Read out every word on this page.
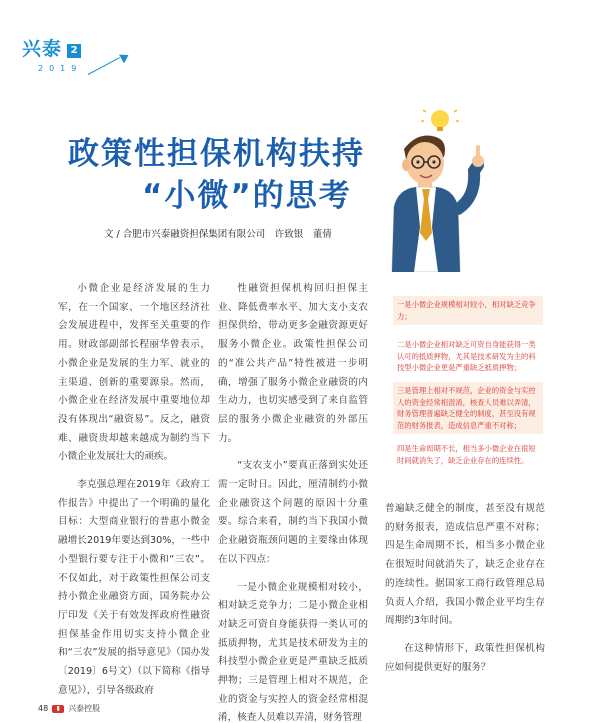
兴泰 2
2019
政策性担保机构扶持
“小微”的思考
文 / 合肥市兴泰融资担保集团有限公司　许致银　董倩

小微企业是经济发展的生力军，在一个国家、一个地区经济社会发展进程中，发挥至关重要的作用。财政部副部长程丽华曾表示，小微企业是发展的生力军、就业的主渠道、创新的重要源泉。然而，小微企业在经济发展中重要地位却没有体现出“融资易”。反之，融资难、融资贵却越来越成为制约当下小微企业发展壮大的顽疾。

李克强总理在2019年《政府工作报告》中提出了一个明确的量化目标：大型商业银行的普惠小微金融增长2019年要达到30%，一些中小型银行要专注于小微和“三农”。不仅如此，对于政策性担保公司支持小微企业融资方面，国务院办公厅印发《关于有效发挥政府性融资担保基金作用切实支持小微企业和“三农”发展的指导意见》（国办发〔2019〕6号文）（以下简称《指导意见》），引导各级政府

性融资担保机构回归担保主业、降低费率水平、加大支小支农担保供给，带动更多金融资源更好服务小微企业。政策性担保公司的“准公共产品”特性被进一步明确，增强了服务小微企业融资的内生动力，也切实感受到了来自监管层的服务小微企业融资的外部压力。

“支农支小”要真正落到实处还需一定时日。因此，厘清制约小微企业融资这个问题的原因十分重要。综合来看，制约当下我国小微企业融资瓶颈问题的主要缘由体现在以下四点：

一是小微企业规模相对较小，相对缺乏竞争力；二是小微企业相对缺乏可资自身能获得一类认可的抵质押物，尤其是技术研发为主的科技型小微企业更是严重缺乏抵质押物；三是管理上相对不规范，企业的资金与实控人的资金经常相混淆，核查人员难以弄清，财务管理

一是小微企业规模相对较小，相对缺乏竞争力；
二是小微企业相对缺乏可资自身能获得一类认可的抵质押物，尤其是技术研发为主的科技型小微企业更是严重缺乏抵质押物；
三是管理上相对不规范，企业的资金与实控人的资金经常相混淆，核查人员难以弄清，财务管理普遍缺乏健全的制度，甚至没有规范的财务报表，造成信息严重不对称；
四是生命周期不长，相当多小微企业在很短时间就消失了，缺乏企业存在的连续性。

普遍缺乏健全的制度，甚至没有规范的财务报表，造成信息严重不对称；四是生命周期不长，相当多小微企业在很短时间就消失了，缺乏企业存在的连续性。据国家工商行政管理总局负责人介绍，我国小微企业平均生存周期约3年时间。

在这种情形下，政策性担保机构应如何提供更好的服务？

48	▮	兴泰控股
